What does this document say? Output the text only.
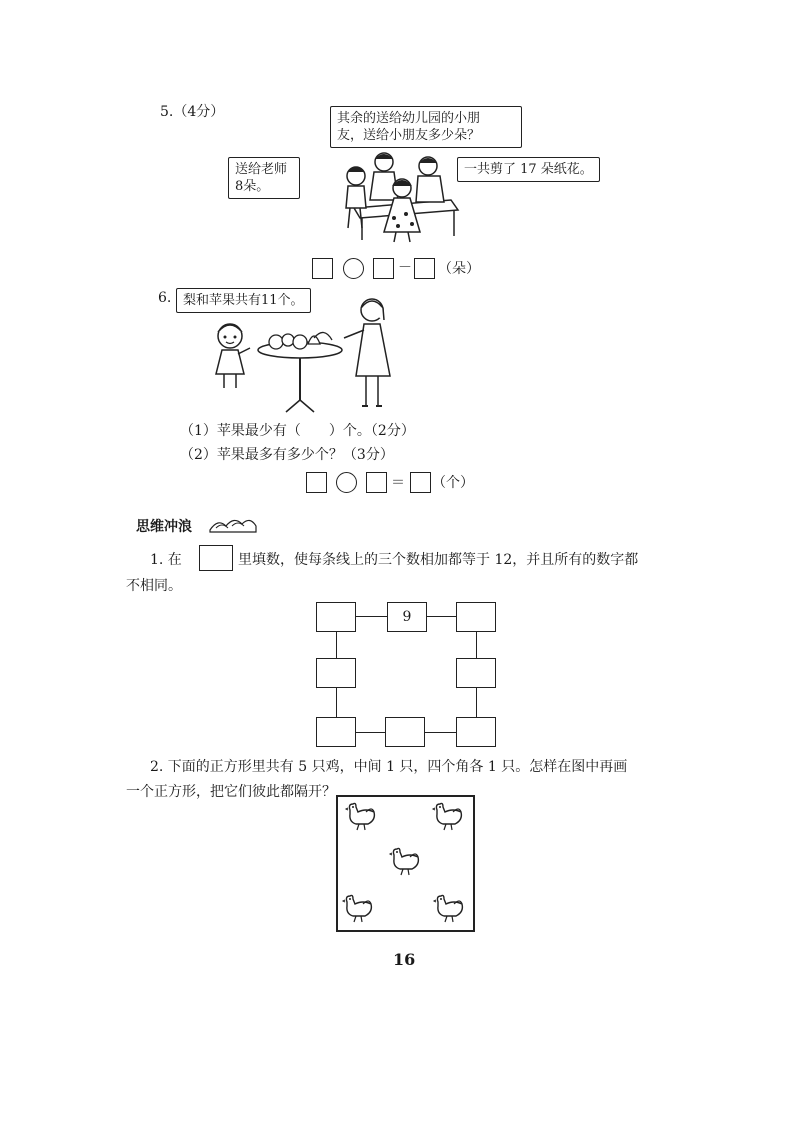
5.（4分）	其余的送给幼儿园的小朋
友，送给小朋友多少朵？
送给老师
8朵。
一共剪了 17 朵纸花。
－ （朵）
6. 梨和苹果共有11个。
（1）苹果最少有（　　）个。（2分）
（2）苹果最多有多少个？（3分）
＝ （个）
思维冲浪
1. 在	里填数，使每条线上的三个数相加都等于 12，并且所有的数字都
不相同。
9
2. 下面的正方形里共有 5 只鸡，中间 1 只，四个角各 1 只。怎样在图中再画
一个正方形，把它们彼此都隔开？
16
